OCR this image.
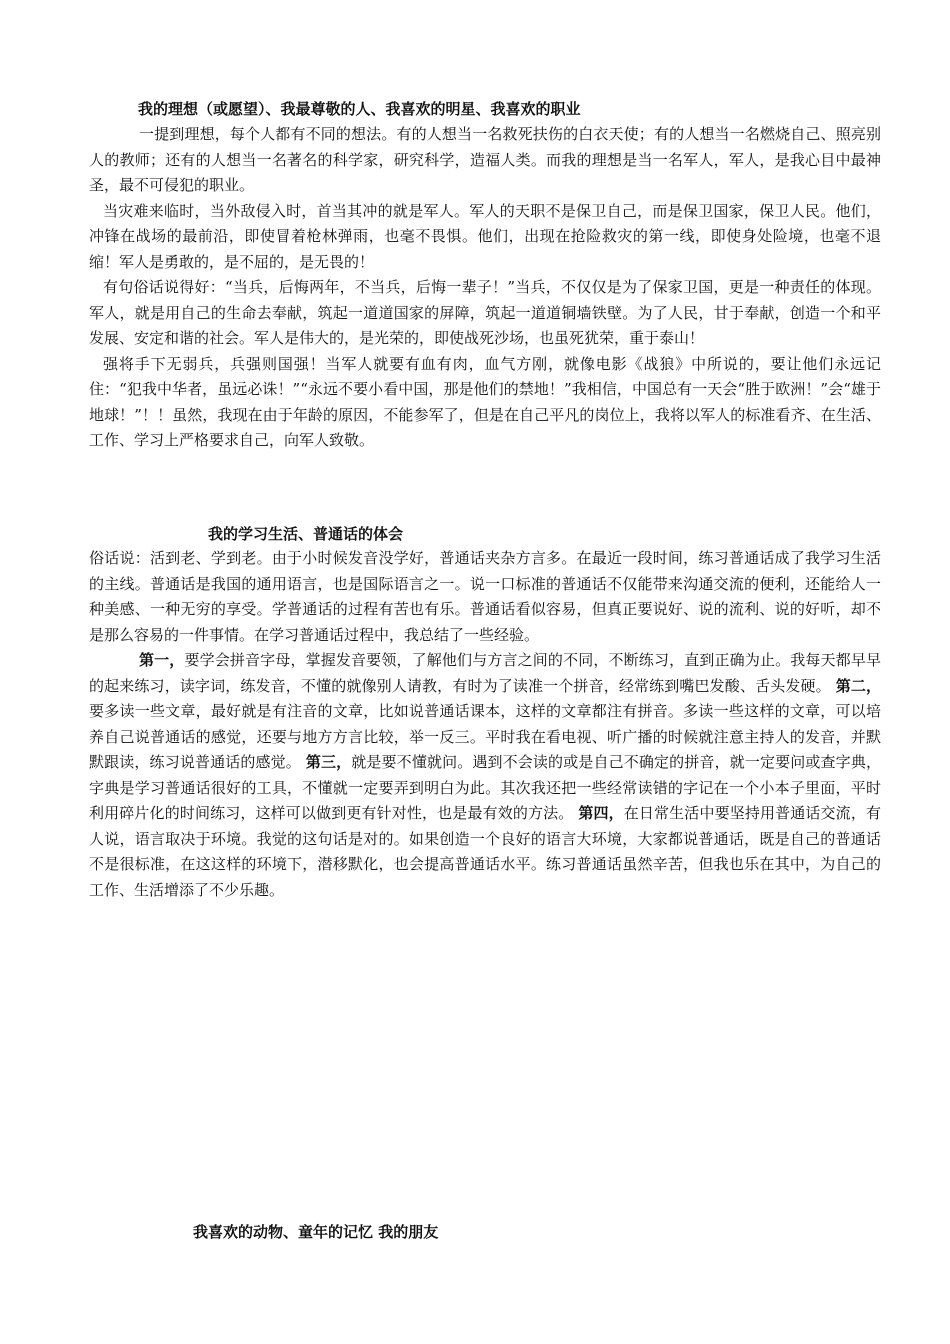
我的理想（或愿望）、我最尊敬的人、我喜欢的明星、我喜欢的职业

一提到理想，每个人都有不同的想法。有的人想当一名救死扶伤的白衣天使；有的人想当一名燃烧自己、照亮别人的教师；还有的人想当一名著名的科学家，研究科学，造福人类。而我的理想是当一名军人，军人，是我心目中最神圣，最不可侵犯的职业。

当灾难来临时，当外敌侵入时，首当其冲的就是军人。军人的天职不是保卫自己，而是保卫国家，保卫人民。他们，冲锋在战场的最前沿，即使冒着枪林弹雨，也毫不畏惧。他们，出现在抢险救灾的第一线，即使身处险境，也毫不退缩！军人是勇敢的，是不屈的，是无畏的！

有句俗话说得好：“当兵，后悔两年，不当兵，后悔一辈子！”当兵，不仅仅是为了保家卫国，更是一种责任的体现。军人，就是用自己的生命去奉献，筑起一道道国家的屏障，筑起一道道铜墙铁壁。为了人民，甘于奉献，创造一个和平发展、安定和谐的社会。军人是伟大的，是光荣的，即使战死沙场，也虽死犹荣，重于泰山！

强将手下无弱兵，兵强则国强！当军人就要有血有肉，血气方刚，就像电影《战狼》中所说的，要让他们永远记住：“犯我中华者，虽远必诛！”“永远不要小看中国，那是他们的禁地！”我相信，中国总有一天会“胜于欧洲！”会“雄于地球！”！！虽然，我现在由于年龄的原因，不能参军了，但是在自己平凡的岗位上，我将以军人的标准看齐、在生活、工作、学习上严格要求自己，向军人致敬。

我的学习生活、普通话的体会

俗话说：活到老、学到老。由于小时候发音没学好，普通话夹杂方言多。在最近一段时间，练习普通话成了我学习生活的主线。普通话是我国的通用语言，也是国际语言之一。说一口标准的普通话不仅能带来沟通交流的便利，还能给人一种美感、一种无穷的享受。学普通话的过程有苦也有乐。普通话看似容易，但真正要说好、说的流利、说的好听，却不是那么容易的一件事情。在学习普通话过程中，我总结了一些经验。

第一，要学会拼音字母，掌握发音要领，了解他们与方言之间的不同，不断练习，直到正确为止。我每天都早早的起来练习，读字词，练发音，不懂的就像别人请教，有时为了读准一个拼音，经常练到嘴巴发酸、舌头发硬。 第二，要多读一些文章，最好就是有注音的文章，比如说普通话课本，这样的文章都注有拼音。多读一些这样的文章，可以培养自己说普通话的感觉，还要与地方方言比较，举一反三。平时我在看电视、听广播的时候就注意主持人的发音，并默默跟读，练习说普通话的感觉。 第三，就是要不懂就问。遇到不会读的或是自己不确定的拼音，就一定要问或查字典，字典是学习普通话很好的工具，不懂就一定要弄到明白为此。其次我还把一些经常读错的字记在一个小本子里面，平时利用碎片化的时间练习，这样可以做到更有针对性，也是最有效的方法。 第四，在日常生活中要坚持用普通话交流，有人说，语言取决于环境。我觉的这句话是对的。如果创造一个良好的语言大环境，大家都说普通话，既是自己的普通话不是很标准，在这这样的环境下，潜移默化，也会提高普通话水平。练习普通话虽然辛苦，但我也乐在其中，为自己的工作、生活增添了不少乐趣。

我喜欢的动物、童年的记忆 我的朋友
